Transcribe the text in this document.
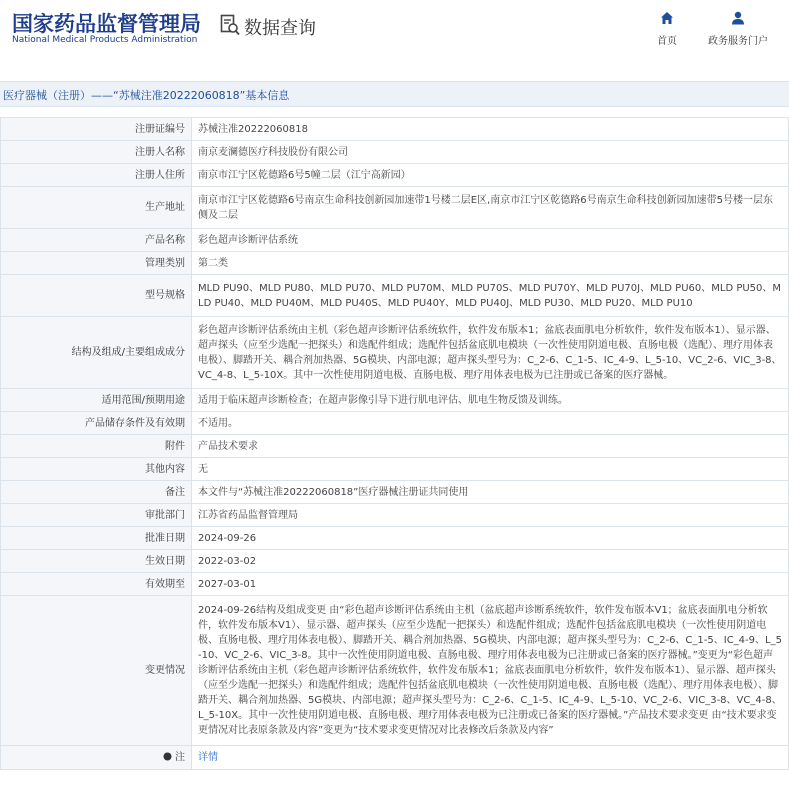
国家药品监督管理局
National Medical Products Administration
数据查询
首页	政务服务门户
医疗器械（注册）——“苏械注准20222060818”基本信息
注册证编号	苏械注准20222060818
注册人名称	南京麦澜德医疗科技股份有限公司
注册人住所	南京市江宁区乾德路6号5幢二层（江宁高新园）
生产地址	南京市江宁区乾德路6号南京生命科技创新园加速带1号楼二层E区,南京市江宁区乾德路6号南京生命科技创新园加速带5号楼一层东侧及二层
产品名称	彩色超声诊断评估系统
管理类别	第二类
型号规格	MLD PU90、MLD PU80、MLD PU70、MLD PU70M、MLD PU70S、MLD PU70Y、MLD PU70J、MLD PU60、MLD PU50、MLD PU40、MLD PU40M、MLD PU40S、MLD PU40Y、MLD PU40J、MLD PU30、MLD PU20、MLD PU10
结构及组成/主要组成成分	彩色超声诊断评估系统由主机（彩色超声诊断评估系统软件，软件发布版本1；盆底表面肌电分析软件，软件发布版本1）、显示器、超声探头（应至少选配一把探头）和选配件组成；选配件包括盆底肌电模块（一次性使用阴道电极、直肠电极（选配）、理疗用体表电极）、脚踏开关、耦合剂加热器、5G模块、内部电源；超声探头型号为：C_2-6、C_1-5、IC_4-9、L_5-10、VC_2-6、VIC_3-8、VC_4-8、L_5-10X。其中一次性使用阴道电极、直肠电极、理疗用体表电极为已注册或已备案的医疗器械。
适用范围/预期用途	适用于临床超声诊断检查；在超声影像引导下进行肌电评估、肌电生物反馈及训练。
产品储存条件及有效期	不适用。
附件	产品技术要求
其他内容	无
备注	本文件与“苏械注准20222060818”医疗器械注册证共同使用
审批部门	江苏省药品监督管理局
批准日期	2024-09-26
生效日期	2022-03-02
有效期至	2027-03-01
变更情况	2024-09-26结构及组成变更 由“彩色超声诊断评估系统由主机（盆底超声诊断系统软件，软件发布版本V1；盆底表面肌电分析软件，软件发布版本V1）、显示器、超声探头（应至少选配一把探头）和选配件组成；选配件包括盆底肌电模块（一次性使用阴道电极、直肠电极、理疗用体表电极）、脚踏开关、耦合剂加热器、5G模块、内部电源；超声探头型号为：C_2-6、C_1-5、IC_4-9、L_5-10、VC_2-6、VIC_3-8。其中一次性使用阴道电极、直肠电极、理疗用体表电极为已注册或已备案的医疗器械。”变更为“彩色超声诊断评估系统由主机（彩色超声诊断评估系统软件，软件发布版本1；盆底表面肌电分析软件，软件发布版本1）、显示器、超声探头（应至少选配一把探头）和选配件组成；选配件包括盆底肌电模块（一次性使用阴道电极、直肠电极（选配）、理疗用体表电极）、脚踏开关、耦合剂加热器、5G模块、内部电源；超声探头型号为：C_2-6、C_1-5、IC_4-9、L_5-10、VC_2-6、VIC_3-8、VC_4-8、L_5-10X。其中一次性使用阴道电极、直肠电极、理疗用体表电极为已注册或已备案的医疗器械。”产品技术要求变更 由“技术要求变更情况对比表原条款及内容”变更为“技术要求变更情况对比表修改后条款及内容”
注	详情
